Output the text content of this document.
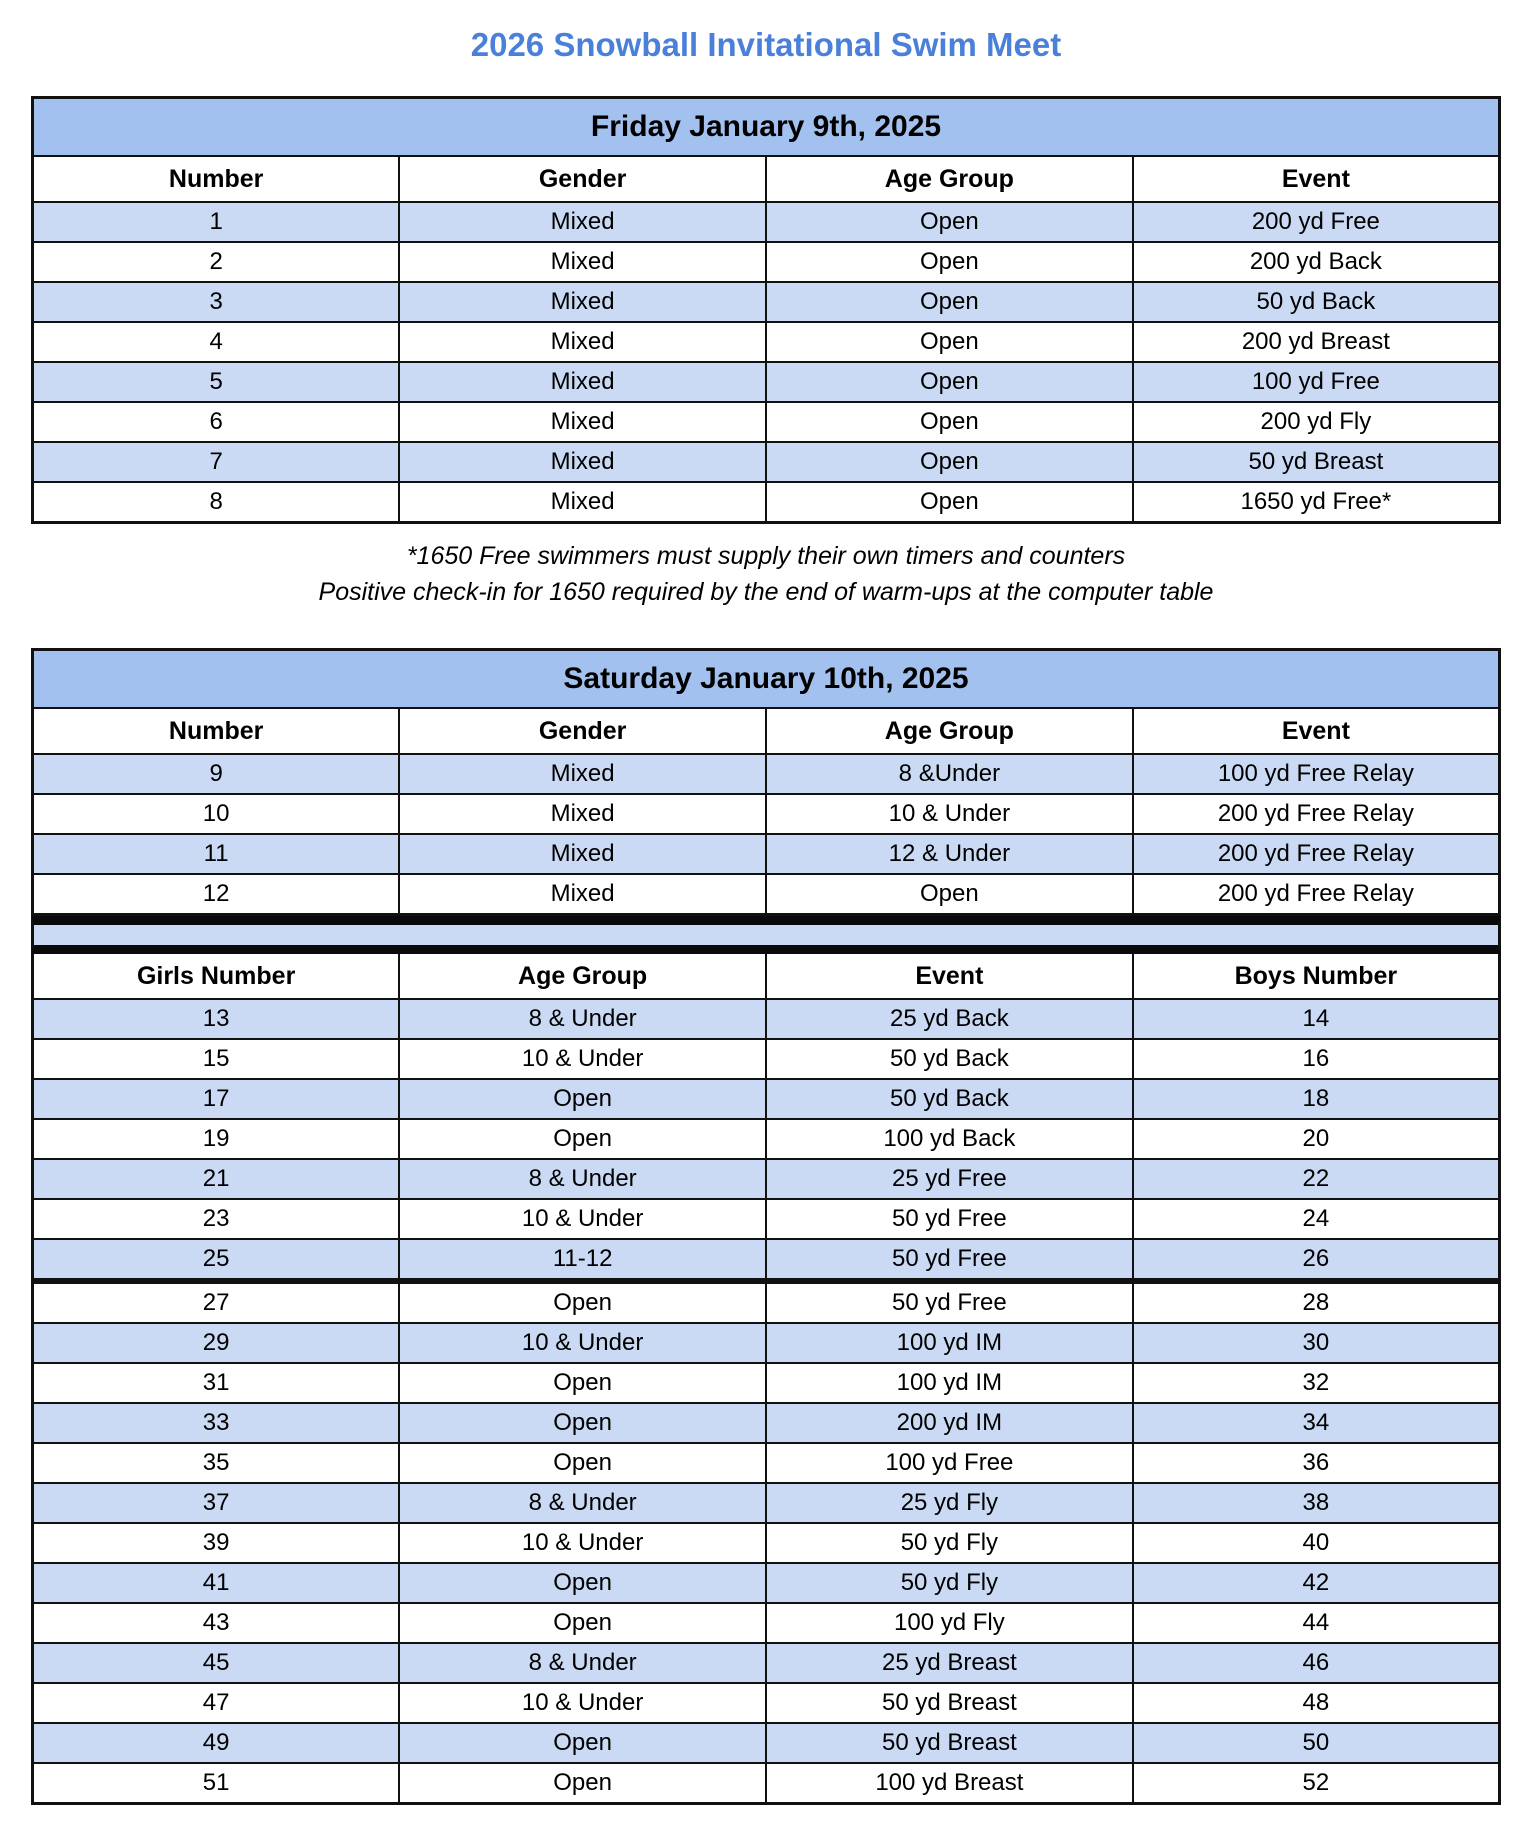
2026 Snowball Invitational Swim Meet
Friday January 9th, 2025			
Number	Gender	Age Group	Event
1	Mixed	Open	200 yd Free
2	Mixed	Open	200 yd Back
3	Mixed	Open	50 yd Back
4	Mixed	Open	200 yd Breast
5	Mixed	Open	100 yd Free
6	Mixed	Open	200 yd Fly
7	Mixed	Open	50 yd Breast
8	Mixed	Open	1650 yd Free*

*1650 Free swimmers must supply their own timers and counters

Positive check-in for 1650 required by the end of warm-ups at the computer table

Saturday January 10th, 2025			
Number	Gender	Age Group	Event
9	Mixed	8 &Under	100 yd Free Relay
10	Mixed	10 & Under	200 yd Free Relay
11	Mixed	12 & Under	200 yd Free Relay
12	Mixed	Open	200 yd Free Relay
Girls Number	Age Group	Event	Boys Number
13	8 & Under	25 yd Back	14
15	10 & Under	50 yd Back	16
17	Open	50 yd Back	18
19	Open	100 yd Back	20
21	8 & Under	25 yd Free	22
23	10 & Under	50 yd Free	24
25	11-12	50 yd Free	26
27	Open	50 yd Free	28
29	10 & Under	100 yd IM	30
31	Open	100 yd IM	32
33	Open	200 yd IM	34
35	Open	100 yd Free	36
37	8 & Under	25 yd Fly	38
39	10 & Under	50 yd Fly	40
41	Open	50 yd Fly	42
43	Open	100 yd Fly	44
45	8 & Under	25 yd Breast	46
47	10 & Under	50 yd Breast	48
49	Open	50 yd Breast	50
51	Open	100 yd Breast	52
